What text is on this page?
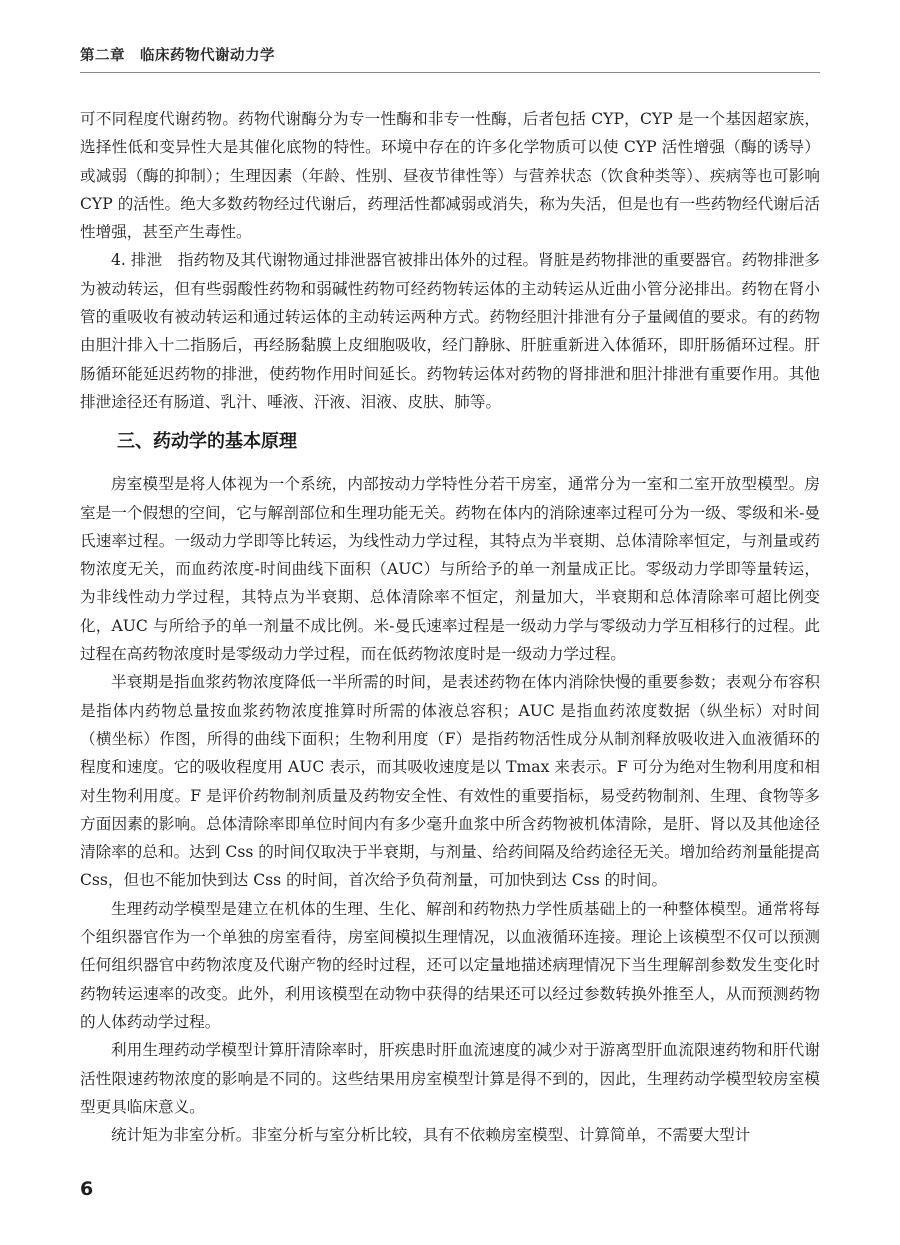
第二章　临床药物代谢动力学

可不同程度代谢药物。药物代谢酶分为专一性酶和非专一性酶，后者包括 CYP，CYP 是一个基因超家族，选择性低和变异性大是其催化底物的特性。环境中存在的许多化学物质可以使 CYP 活性增强（酶的诱导）或减弱（酶的抑制）；生理因素（年龄、性别、昼夜节律性等）与营养状态（饮食种类等）、疾病等也可影响 CYP 的活性。绝大多数药物经过代谢后，药理活性都减弱或消失，称为失活，但是也有一些药物经代谢后活性增强，甚至产生毒性。

4. 排泄　指药物及其代谢物通过排泄器官被排出体外的过程。肾脏是药物排泄的重要器官。药物排泄多为被动转运，但有些弱酸性药物和弱碱性药物可经药物转运体的主动转运从近曲小管分泌排出。药物在肾小管的重吸收有被动转运和通过转运体的主动转运两种方式。药物经胆汁排泄有分子量阈值的要求。有的药物由胆汁排入十二指肠后，再经肠黏膜上皮细胞吸收，经门静脉、肝脏重新进入体循环，即肝肠循环过程。肝肠循环能延迟药物的排泄，使药物作用时间延长。药物转运体对药物的肾排泄和胆汁排泄有重要作用。其他排泄途径还有肠道、乳汁、唾液、汗液、泪液、皮肤、肺等。

三、药动学的基本原理

房室模型是将人体视为一个系统，内部按动力学特性分若干房室，通常分为一室和二室开放型模型。房室是一个假想的空间，它与解剖部位和生理功能无关。药物在体内的消除速率过程可分为一级、零级和米-曼氏速率过程。一级动力学即等比转运，为线性动力学过程，其特点为半衰期、总体清除率恒定，与剂量或药物浓度无关，而血药浓度-时间曲线下面积（AUC）与所给予的单一剂量成正比。零级动力学即等量转运，为非线性动力学过程，其特点为半衰期、总体清除率不恒定，剂量加大，半衰期和总体清除率可超比例变化，AUC 与所给予的单一剂量不成比例。米-曼氏速率过程是一级动力学与零级动力学互相移行的过程。此过程在高药物浓度时是零级动力学过程，而在低药物浓度时是一级动力学过程。

半衰期是指血浆药物浓度降低一半所需的时间，是表述药物在体内消除快慢的重要参数；表观分布容积是指体内药物总量按血浆药物浓度推算时所需的体液总容积；AUC 是指血药浓度数据（纵坐标）对时间（横坐标）作图，所得的曲线下面积；生物利用度（F）是指药物活性成分从制剂释放吸收进入血液循环的程度和速度。它的吸收程度用 AUC 表示，而其吸收速度是以 Tmax 来表示。F 可分为绝对生物利用度和相对生物利用度。F 是评价药物制剂质量及药物安全性、有效性的重要指标，易受药物制剂、生理、食物等多方面因素的影响。总体清除率即单位时间内有多少毫升血浆中所含药物被机体清除，是肝、肾以及其他途径清除率的总和。达到 Css 的时间仅取决于半衰期，与剂量、给药间隔及给药途径无关。增加给药剂量能提高 Css，但也不能加快到达 Css 的时间，首次给予负荷剂量，可加快到达 Css 的时间。

生理药动学模型是建立在机体的生理、生化、解剖和药物热力学性质基础上的一种整体模型。通常将每个组织器官作为一个单独的房室看待，房室间模拟生理情况，以血液循环连接。理论上该模型不仅可以预测任何组织器官中药物浓度及代谢产物的经时过程，还可以定量地描述病理情况下当生理解剖参数发生变化时药物转运速率的改变。此外，利用该模型在动物中获得的结果还可以经过参数转换外推至人，从而预测药物的人体药动学过程。

利用生理药动学模型计算肝清除率时，肝疾患时肝血流速度的减少对于游离型肝血流限速药物和肝代谢活性限速药物浓度的影响是不同的。这些结果用房室模型计算是得不到的，因此，生理药动学模型较房室模型更具临床意义。

统计矩为非室分析。非室分析与室分析比较，具有不依赖房室模型、计算简单，不需要大型计

6
